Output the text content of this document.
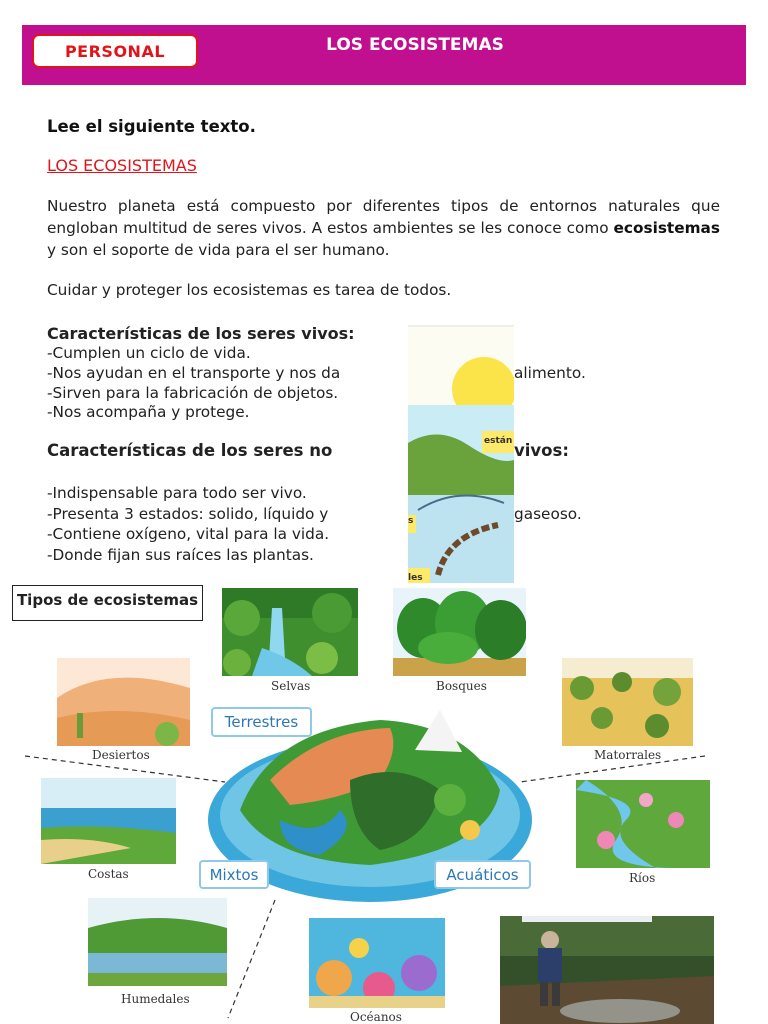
PERSONAL	LOS ECOSISTEMAS
Lee el siguiente texto.
LOS ECOSISTEMAS
Nuestro planeta está compuesto por diferentes tipos de entornos naturales que engloban multitud de seres vivos. A estos ambientes se les conoce como ecosistemas y son el soporte de vida para el ser humano.
Cuidar y proteger los ecosistemas es tarea de todos.
están
s
les
Características de los seres vivos:
-Cumplen un ciclo de vida.
-Nos ayudan en el transporte y nos da	alimento.
-Sirven para la fabricación de objetos.
-Nos acompaña y protege.
Características de los seres no	vivos:
-Indispensable para todo ser vivo.
-Presenta 3 estados: solido, líquido y	gaseoso.
-Contiene oxígeno, vital para la vida.
-Donde fijan sus raíces las plantas.
Tipos de ecosistemas
Selvas	Bosques
Desiertos	Matorrales
Costas	Ríos
Humedales
Océanos
Terrestres
Mixtos	Acuáticos
